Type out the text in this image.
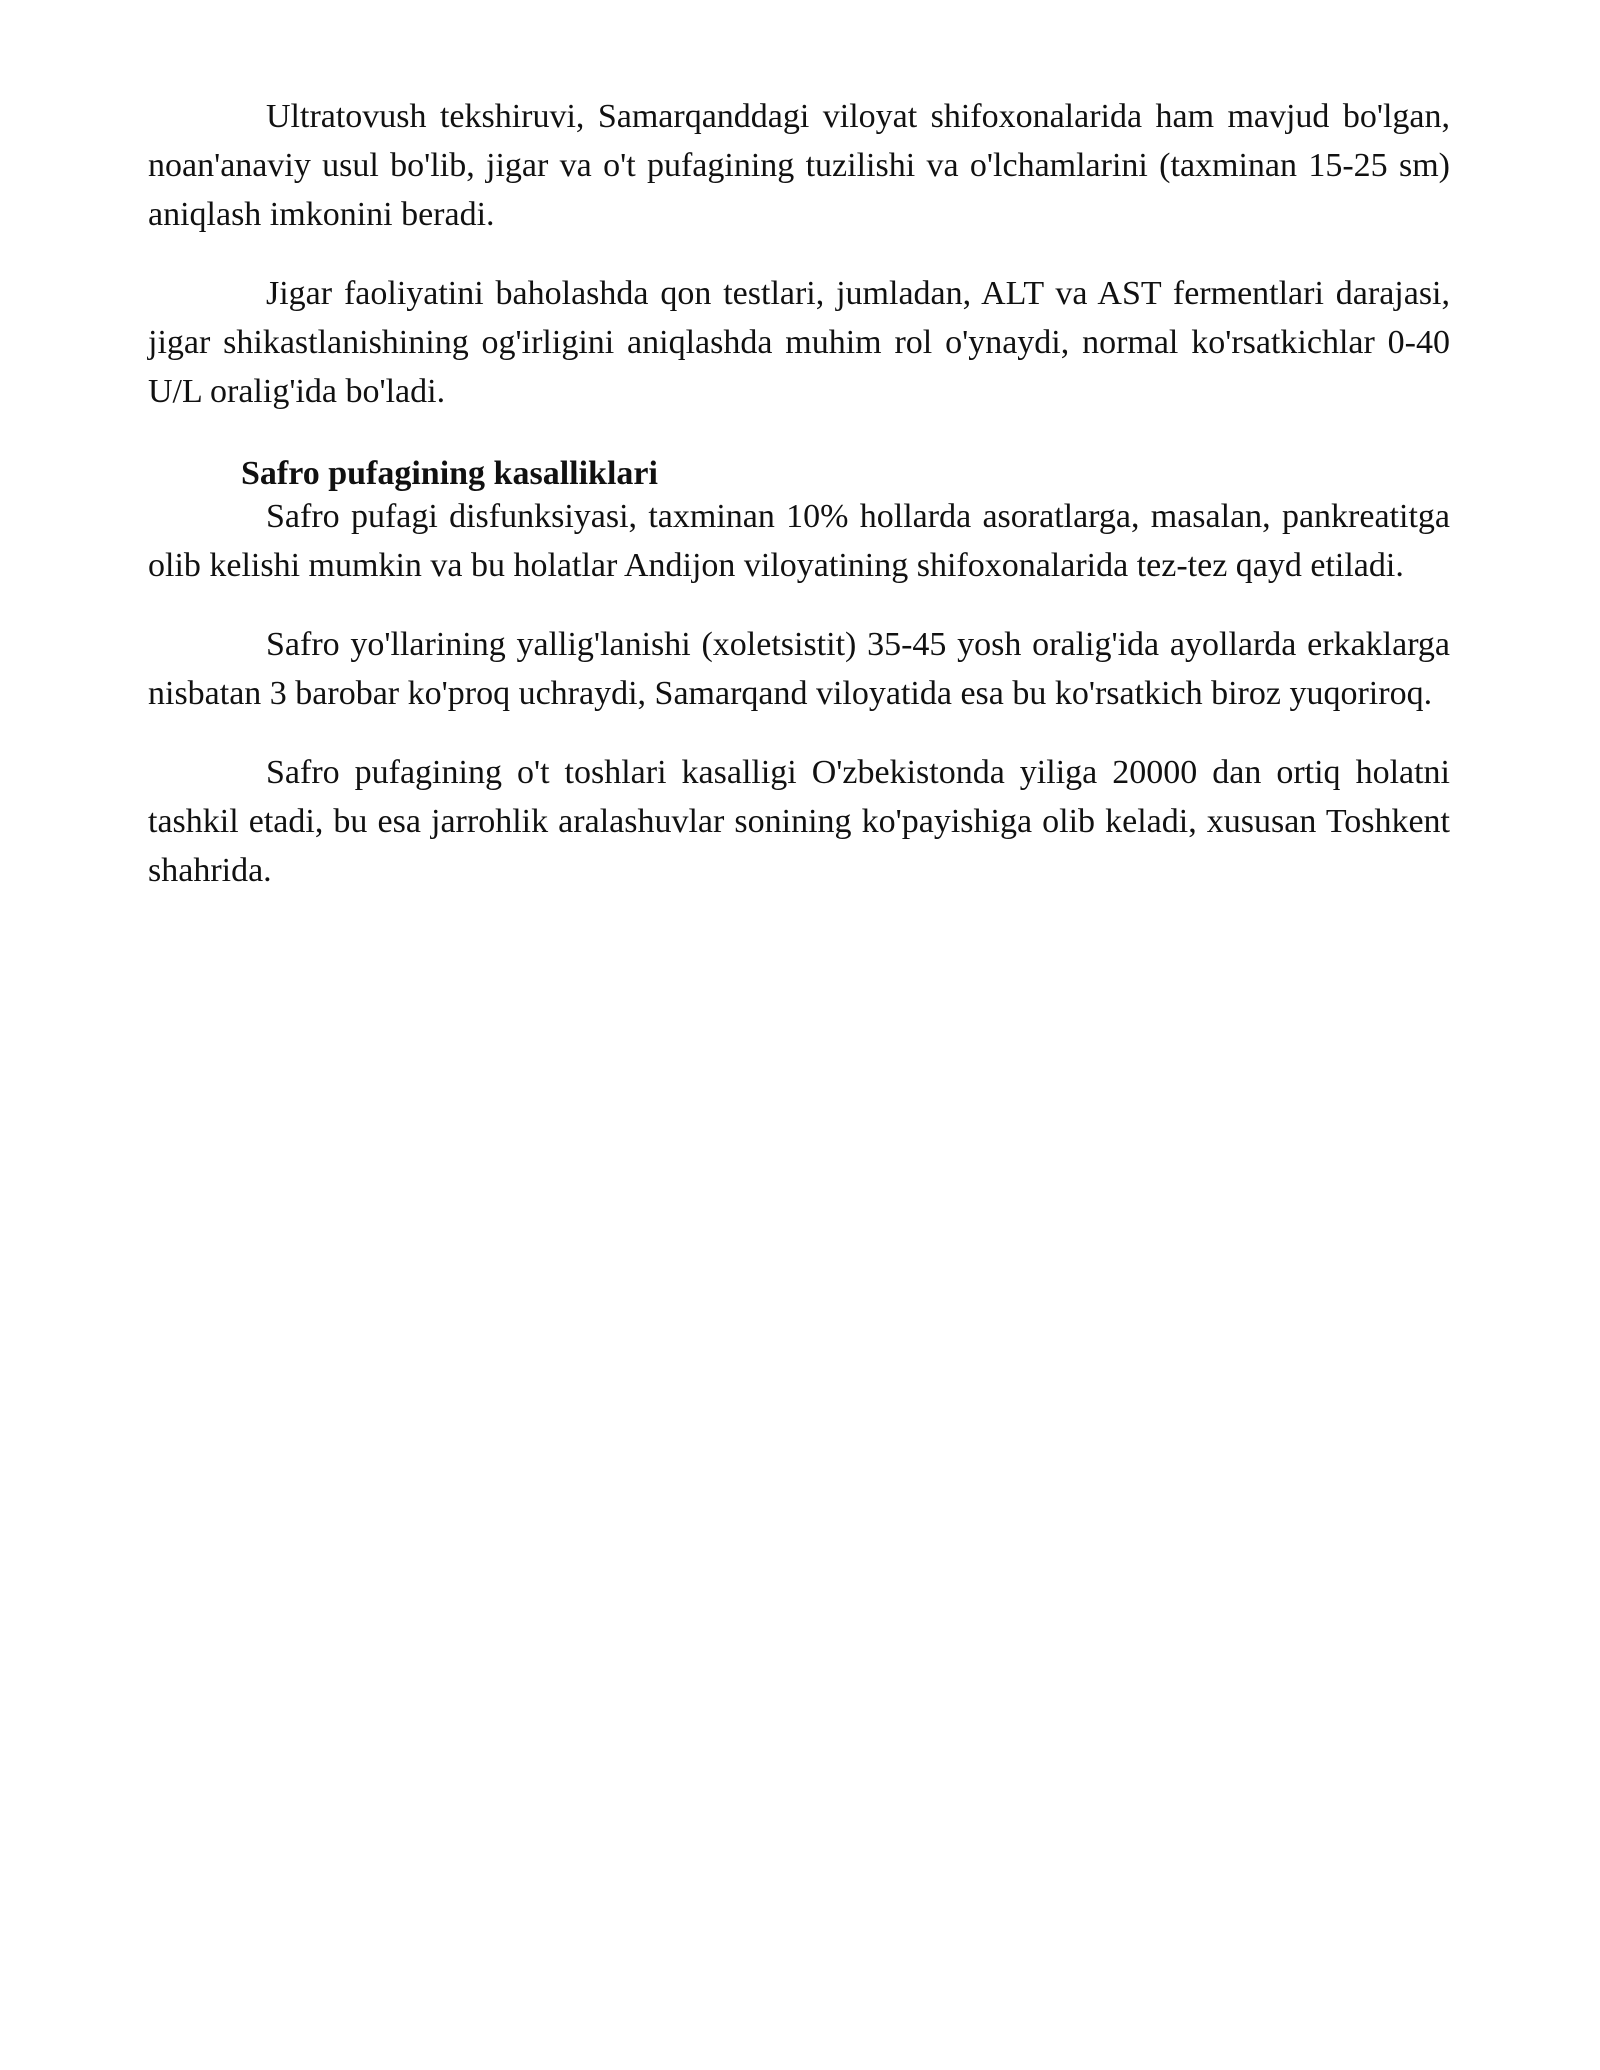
Ultratovush tekshiruvi, Samarqanddagi viloyat shifoxonalarida ham mavjud bo'lgan, noan'anaviy usul bo'lib, jigar va o't pufagining tuzilishi va o'lchamlarini (taxminan 15-25 sm) aniqlash imkonini beradi.

Jigar faoliyatini baholashda qon testlari, jumladan, ALT va AST fermentlari darajasi, jigar shikastlanishining og'irligini aniqlashda muhim rol o'ynaydi, normal ko'rsatkichlar 0-40 U/L oralig'ida bo'ladi.

Safro pufagining kasalliklari

Safro pufagi disfunksiyasi, taxminan 10% hollarda asoratlarga, masalan, pankreatitga olib kelishi mumkin va bu holatlar Andijon viloyatining shifoxonalarida tez-tez qayd etiladi.

Safro yo'llarining yallig'lanishi (xoletsistit) 35-45 yosh oralig'ida ayollarda erkaklarga nisbatan 3 barobar ko'proq uchraydi, Samarqand viloyatida esa bu ko'rsatkich biroz yuqoriroq.

Safro pufagining o't toshlari kasalligi O'zbekistonda yiliga 20000 dan ortiq holatni tashkil etadi, bu esa jarrohlik aralashuvlar sonining ko'payishiga olib keladi, xususan Toshkent shahrida.
